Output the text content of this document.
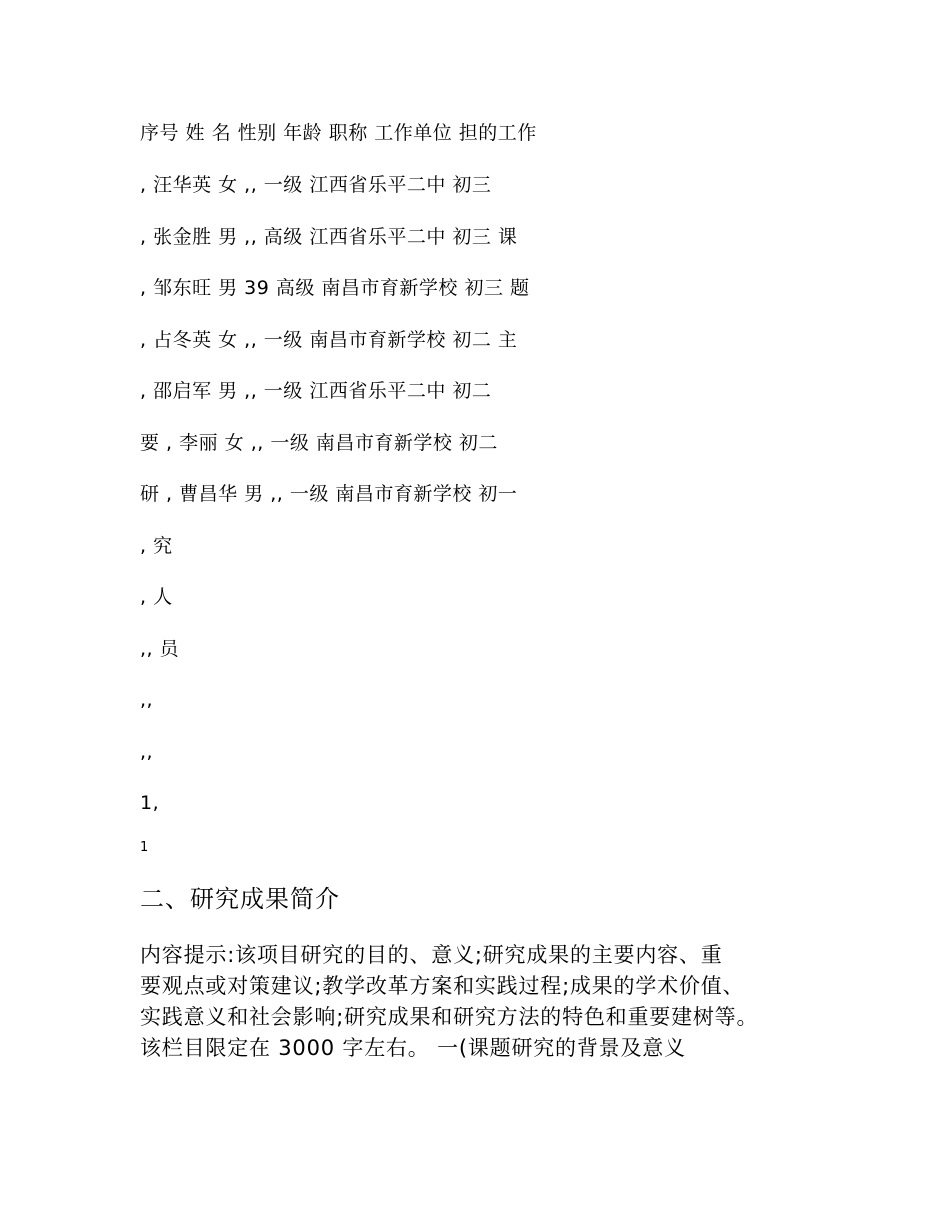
序号 姓 名 性别 年龄 职称 工作单位 担的工作
, 汪华英 女 ,, 一级 江西省乐平二中 初三
, 张金胜 男 ,, 高级 江西省乐平二中 初三 课
, 邹东旺 男 39 高级 南昌市育新学校 初三 题
, 占冬英 女 ,, 一级 南昌市育新学校 初二 主
, 邵启军 男 ,, 一级 江西省乐平二中 初二
要 , 李丽 女 ,, 一级 南昌市育新学校 初二
研 , 曹昌华 男 ,, 一级 南昌市育新学校 初一
, 究
, 人
,, 员
,,
,,
1,
1
二、研究成果简介
内容提示:该项目研究的目的、意义;研究成果的主要内容、重
要观点或对策建议;教学改革方案和实践过程;成果的学术价值、
实践意义和社会影响;研究成果和研究方法的特色和重要建树等。
该栏目限定在 3000 字左右。 一(课题研究的背景及意义
